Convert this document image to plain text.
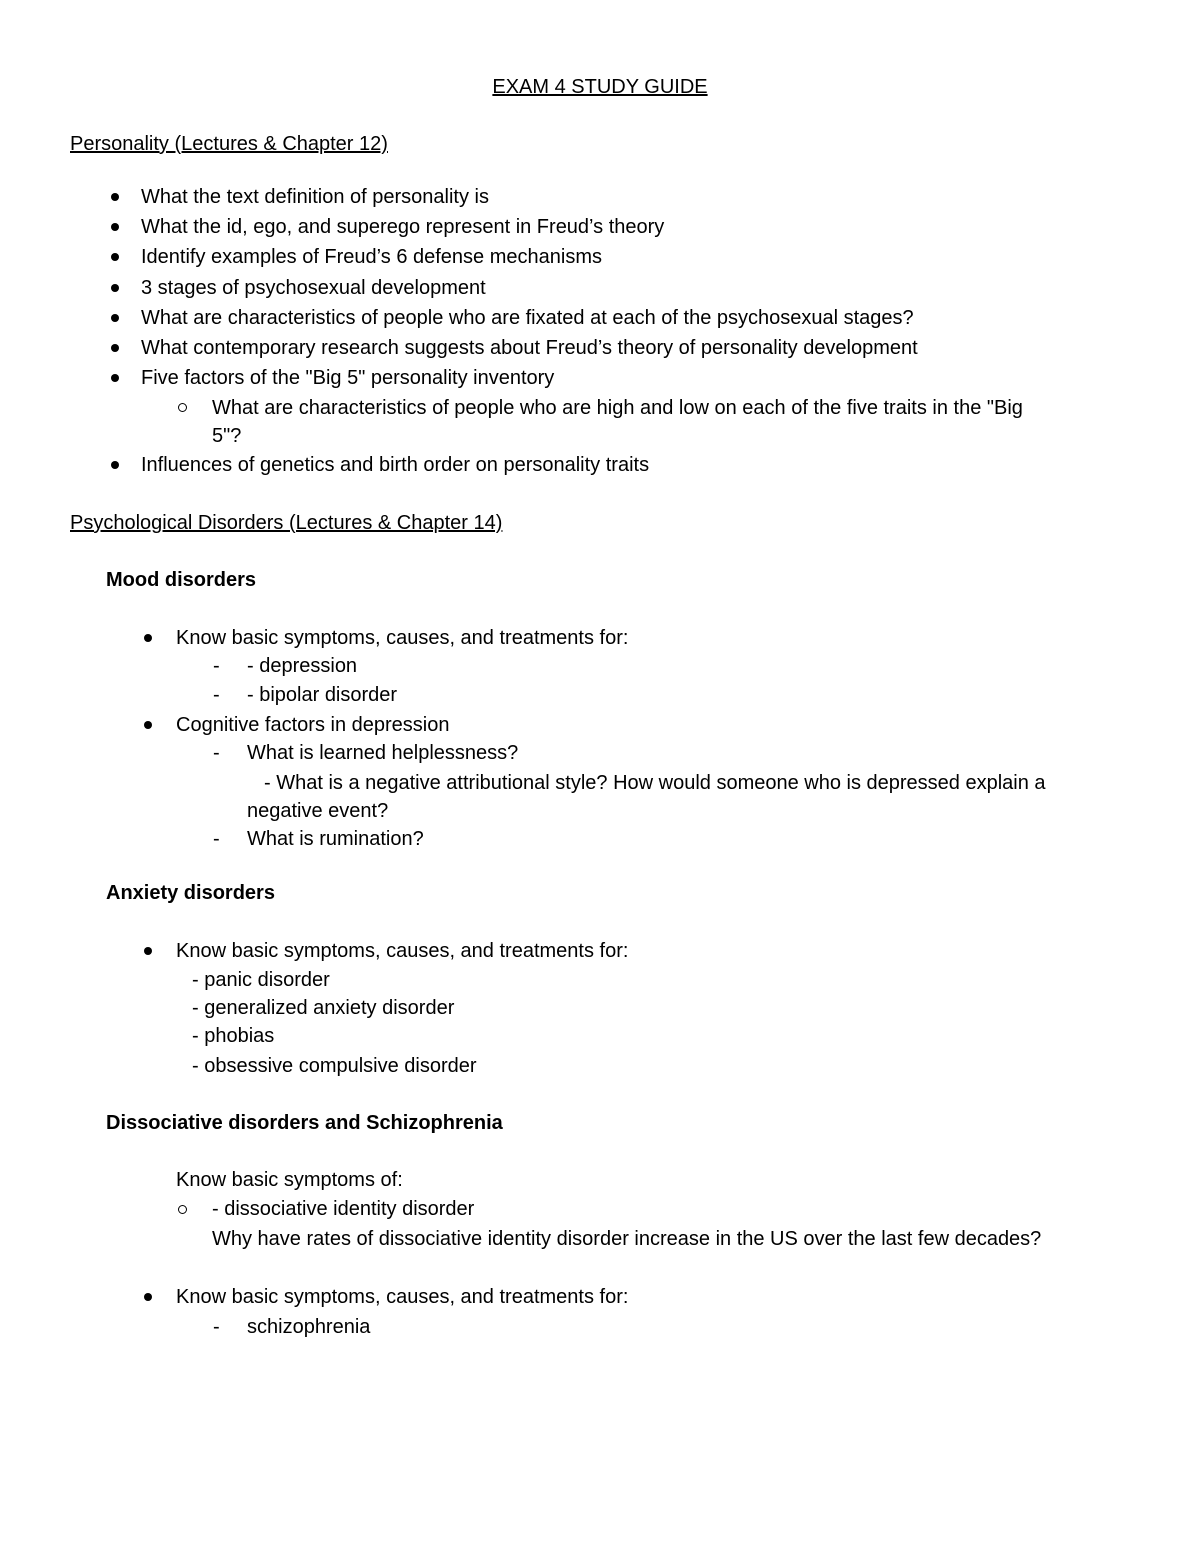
EXAM 4 STUDY GUIDE
Personality (Lectures & Chapter 12)
What the text definition of personality is
What the id, ego, and superego represent in Freud’s theory
Identify examples of Freud’s 6 defense mechanisms
3 stages of psychosexual development
What are characteristics of people who are fixated at each of the psychosexual stages?
What contemporary research suggests about Freud’s theory of personality development
Five factors of the "Big 5" personality inventory
What are characteristics of people who are high and low on each of the five traits in the "Big
5"?
Influences of genetics and birth order on personality traits
Psychological Disorders (Lectures & Chapter 14)
Mood disorders
Know basic symptoms, causes, and treatments for:
- - depression
- - bipolar disorder
Cognitive factors in depression
- What is learned helplessness?
- What is a negative attributional style? How would someone who is depressed explain a
negative event?
- What is rumination?
Anxiety disorders
Know basic symptoms, causes, and treatments for:
- panic disorder
- generalized anxiety disorder
- phobias
- obsessive compulsive disorder
Dissociative disorders and Schizophrenia
Know basic symptoms of:
- dissociative identity disorder
Why have rates of dissociative identity disorder increase in the US over the last few decades?
Know basic symptoms, causes, and treatments for:
- schizophrenia
